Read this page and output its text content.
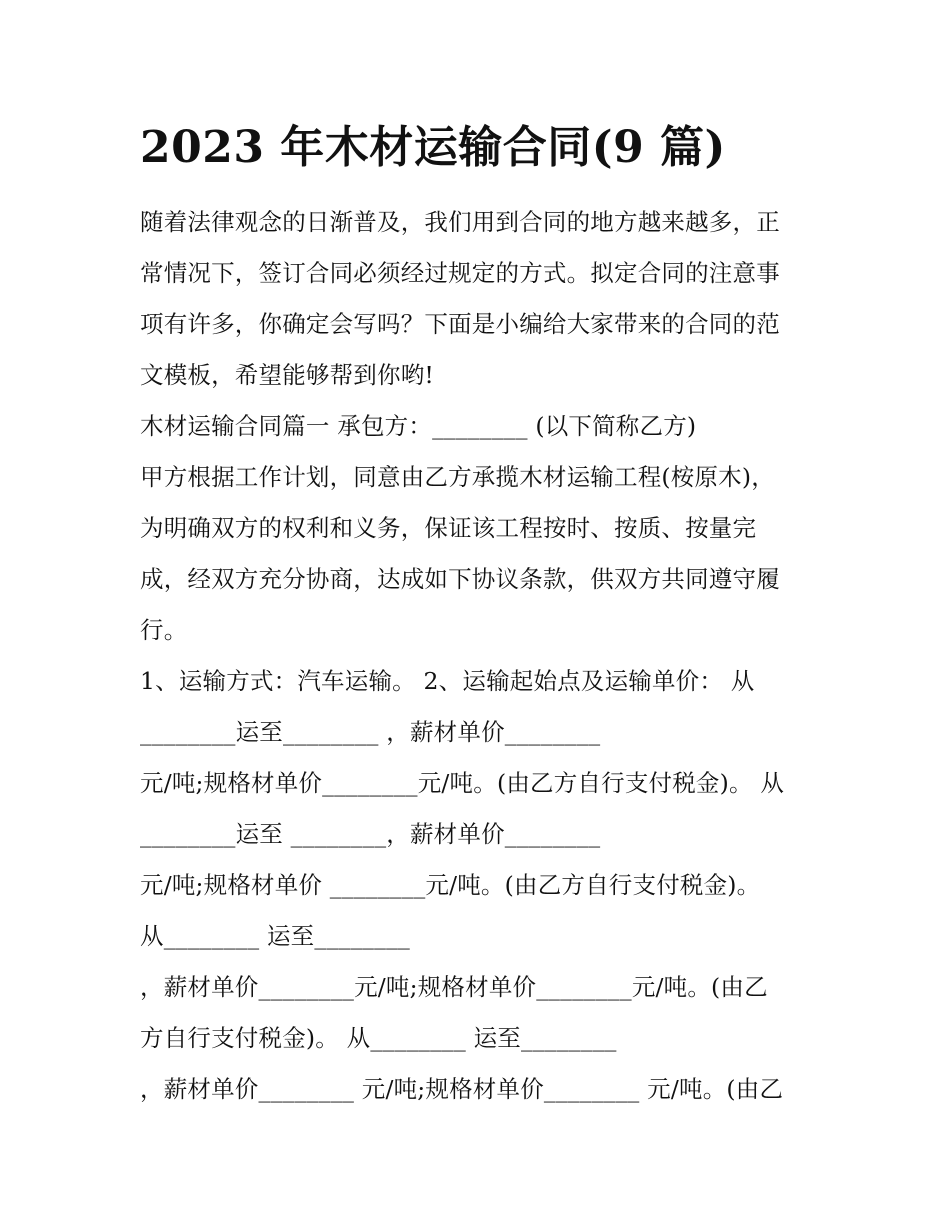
2023 年木材运输合同(9 篇)

随着法律观念的日渐普及，我们用到合同的地方越来越多，正

常情况下，签订合同必须经过规定的方式。拟定合同的注意事

项有许多，你确定会写吗？下面是小编给大家带来的合同的范

文模板，希望能够帮到你哟!

木材运输合同篇一 承包方：________ (以下简称乙方)

甲方根据工作计划，同意由乙方承揽木材运输工程(桉原木)，

为明确双方的权利和义务，保证该工程按时、按质、按量完

成，经双方充分协商，达成如下协议条款，供双方共同遵守履

行。

1、运输方式：汽车运输。 2、运输起始点及运输单价： 从

________运至________ ，薪材单价________

元/吨;规格材单价________元/吨。(由乙方自行支付税金)。 从

________运至 ________，薪材单价________

元/吨;规格材单价 ________元/吨。(由乙方自行支付税金)。

从________ 运至________

，薪材单价________元/吨;规格材单价________元/吨。(由乙

方自行支付税金)。 从________ 运至________

，薪材单价________ 元/吨;规格材单价________ 元/吨。(由乙
